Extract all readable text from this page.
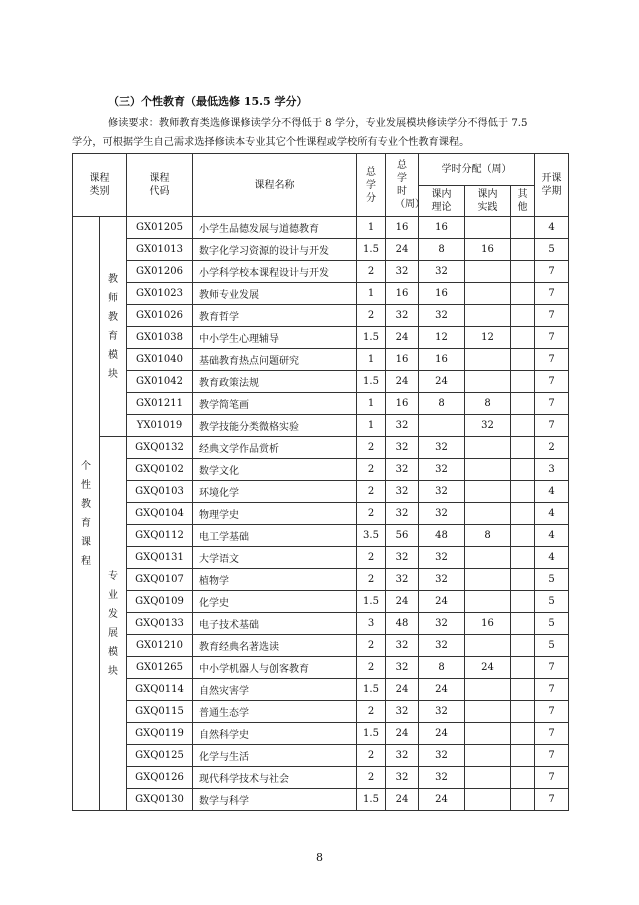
（三）个性教育（最低选修 15.5 学分）
修读要求：教师教育类选修课修读学分不得低于 8 学分，专业发展模块修读学分不得低于 7.5
学分，可根据学生自己需求选择修读本专业其它个性课程或学校所有专业个性教育课程。
课程类别		课程代码	课程名称	总学分	总学时（周）	学时分配（周）			开课学期
						课内理论	课内实践	其他	
个性教育课程	教师教育模块	GX01205	小学生品德发展与道德教育	1	16	16			4
		GX01013	数字化学习资源的设计与开发	1.5	24	8	16		5
		GX01206	小学科学校本课程设计与开发	2	32	32			7
		GX01023	教师专业发展	1	16	16			7
		GX01026	教育哲学	2	32	32			7
		GX01038	中小学生心理辅导	1.5	24	12	12		7
		GX01040	基础教育热点问题研究	1	16	16			7
		GX01042	教育政策法规	1.5	24	24			7
		GX01211	教学简笔画	1	16	8	8		7
		YX01019	教学技能分类微格实验	1	32		32		7
	专业发展模块	GXQ0132	经典文学作品赏析	2	32	32			2
		GXQ0102	数学文化	2	32	32			3
		GXQ0103	环境化学	2	32	32			4
		GXQ0104	物理学史	2	32	32			4
		GXQ0112	电工学基础	3.5	56	48	8		4
		GXQ0131	大学语文	2	32	32			4
		GXQ0107	植物学	2	32	32			5
		GXQ0109	化学史	1.5	24	24			5
		GXQ0133	电子技术基础	3	48	32	16		5
		GX01210	教育经典名著选读	2	32	32			5
		GX01265	中小学机器人与创客教育	2	32	8	24		7
		GXQ0114	自然灾害学	1.5	24	24			7
		GXQ0115	普通生态学	2	32	32			7
		GXQ0119	自然科学史	1.5	24	24			7
		GXQ0125	化学与生活	2	32	32			7
		GXQ0126	现代科学技术与社会	2	32	32			7
		GXQ0130	数学与科学	1.5	24	24			7
8
